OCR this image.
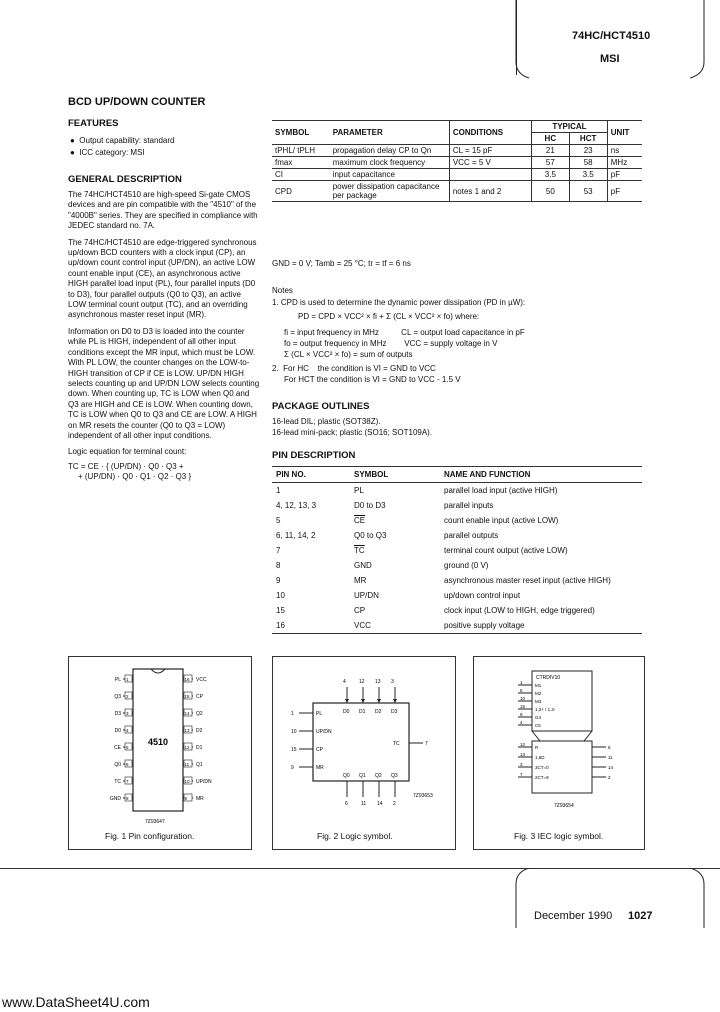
74HC/HCT4510
MSI
BCD UP/DOWN COUNTER
FEATURES
●  Output capability: standard
●  ICC category: MSI
GENERAL DESCRIPTION

The 74HC/HCT4510 are high-speed Si-gate CMOS devices and are pin compatible with the "4510" of the "4000B" series. They are specified in compliance with JEDEC standard no. 7A.

The 74HC/HCT4510 are edge-triggered synchronous up/down BCD counters with a clock input (CP), an up/down count control input (UP/DN), an active LOW count enable input (CE), an asynchronous active HIGH parallel load input (PL), four parallel inputs (D0 to D3), four parallel outputs (Q0 to Q3), an active LOW terminal count output (TC), and an overriding asynchronous master reset input (MR).

Information on D0 to D3 is loaded into the counter while PL is HIGH, independent of all other input conditions except the MR input, which must be LOW. With PL LOW, the counter changes on the LOW-to-HIGH transition of CP if CE is LOW. UP/DN HIGH selects counting up and UP/DN LOW selects counting down. When counting up, TC is LOW when Q0 and Q3 are HIGH and CE is LOW. When counting down, TC is LOW when Q0 to Q3 and CE are LOW. A HIGH on MR resets the counter (Q0 to Q3 = LOW) independent of all other input conditions.

Logic equation for terminal count:
TC = CE · { (UP/DN) · Q0 · Q3 +
+ (UP/DN) · Q0 · Q1 · Q2 · Q3 }
SYMBOL	PARAMETER	CONDITIONS	TYPICAL		UNIT
			HC	HCT	
tPHL/ tPLH	propagation delay CP to Qn	CL = 15 pF	21	23	ns
fmax	maximum clock frequency	VCC = 5 V	57	58	MHz
CI	input capacitance		3.5	3.5	pF
CPD	power dissipation capacitance per package	notes 1 and 2	50	53	pF
GND = 0 V; Tamb = 25 °C; tr = tf = 6 ns
Notes
1. CPD is used to determine the dynamic power dissipation (PD in µW):
PD = CPD × VCC² × fi + Σ (CL × VCC² × fo) where:
fi = input frequency in MHz          CL = output load capacitance in pF
fo = output frequency in MHz        VCC = supply voltage in V
Σ (CL × VCC² × fo) = sum of outputs
2.  For HC    the condition is VI = GND to VCC
For HCT the condition is VI = GND to VCC - 1.5 V
PACKAGE OUTLINES
16-lead DIL; plastic (SOT38Z).
16-lead mini-pack; plastic (SO16; SOT109A).
PIN DESCRIPTION
PIN NO.	SYMBOL	NAME AND FUNCTION
1	PL	parallel load input (active HIGH)
4, 12, 13, 3	D0 to D3	parallel inputs
5	$\overline{CE}$	count enable input (active LOW)
6, 11, 14, 2	Q0 to Q3	parallel outputs
7	$\overline{TC}$	terminal count output (active LOW)
8	GND	ground (0 V)
9	MR	asynchronous master reset input (active HIGH)
10	UP/DN	up/down control input
15	CP	clock input (LOW to HIGH, edge triggered)
16	VCC	positive supply voltage
4510
1
PL
2
Q3
3
D3
4
D0
5
CE
6
Q0
7
TC
8
GND
16 VCC
15 CP
14 Q2
13 D2
12 D1
11 Q1
10 UP/DN
9 MR
7Z93647
Fig. 1 Pin configuration.
4
D0
Q0
6
12
D1
Q1
11
13
D2
Q2
14
3
D3
Q3
2
1	PL
10	UP/DN
15	CP
9	MR
TC	7
7Z93653
Fig. 2 Logic symbol.
CTRDIV10
1
M1
5
M2
10
M3
15
1,2+ / 1,3-
9
G4
4
C5
12
R
13
1,5D
3
3CT=0
7
2CT=9
6
11
14
2
7Z93654
Fig. 3 IEC logic symbol.
December 1990 1027
www.DataSheet4U.com
